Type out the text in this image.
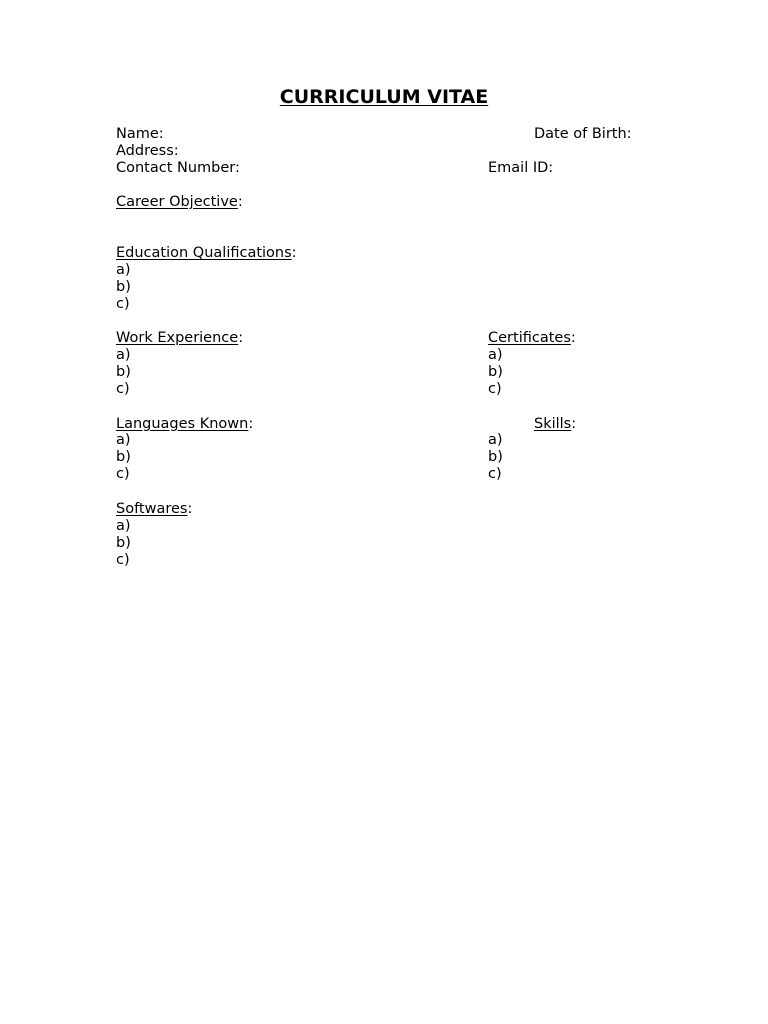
CURRICULUM VITAE
Name:	Date of Birth:
Address:
Contact Number:	Email ID:
Career Objective:
Education Qualifications:
a)
b)
c)
Work Experience:
a)
b)
c)
Certificates:
a)
b)
c)
Languages Known:
a)
b)
c)
Skills:
a)
b)
c)
Softwares:
a)
b)
c)
